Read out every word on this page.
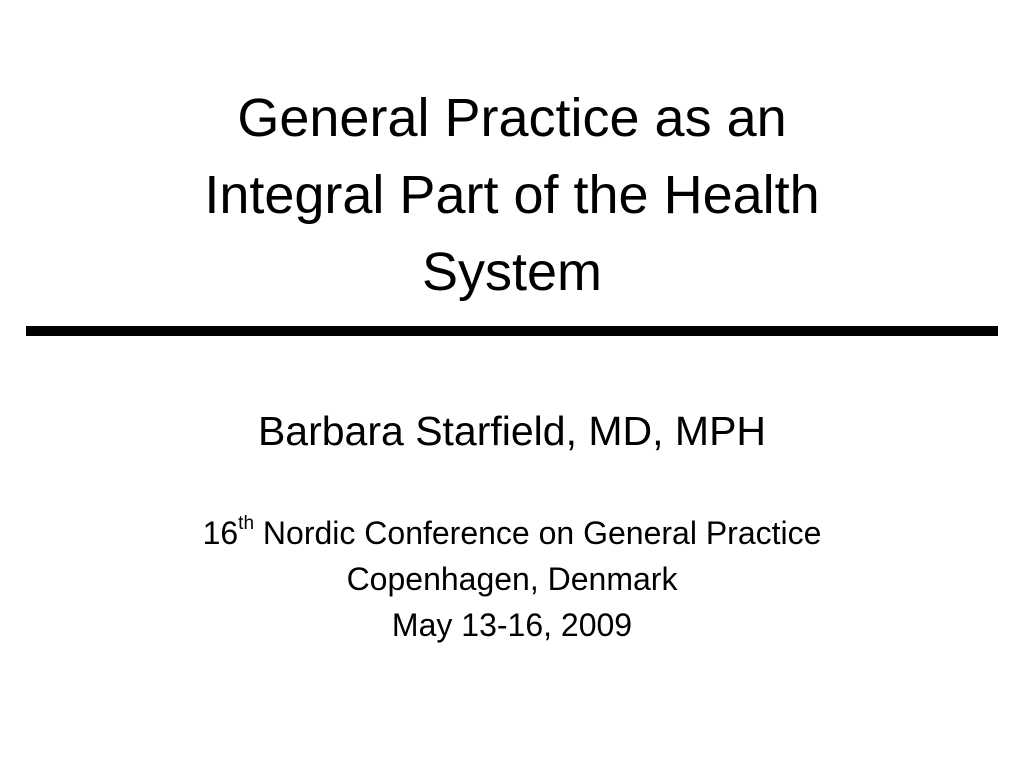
General Practice as an
Integral Part of the Health
System
Barbara Starfield, MD, MPH
16th Nordic Conference on General Practice
Copenhagen, Denmark
May 13-16, 2009
